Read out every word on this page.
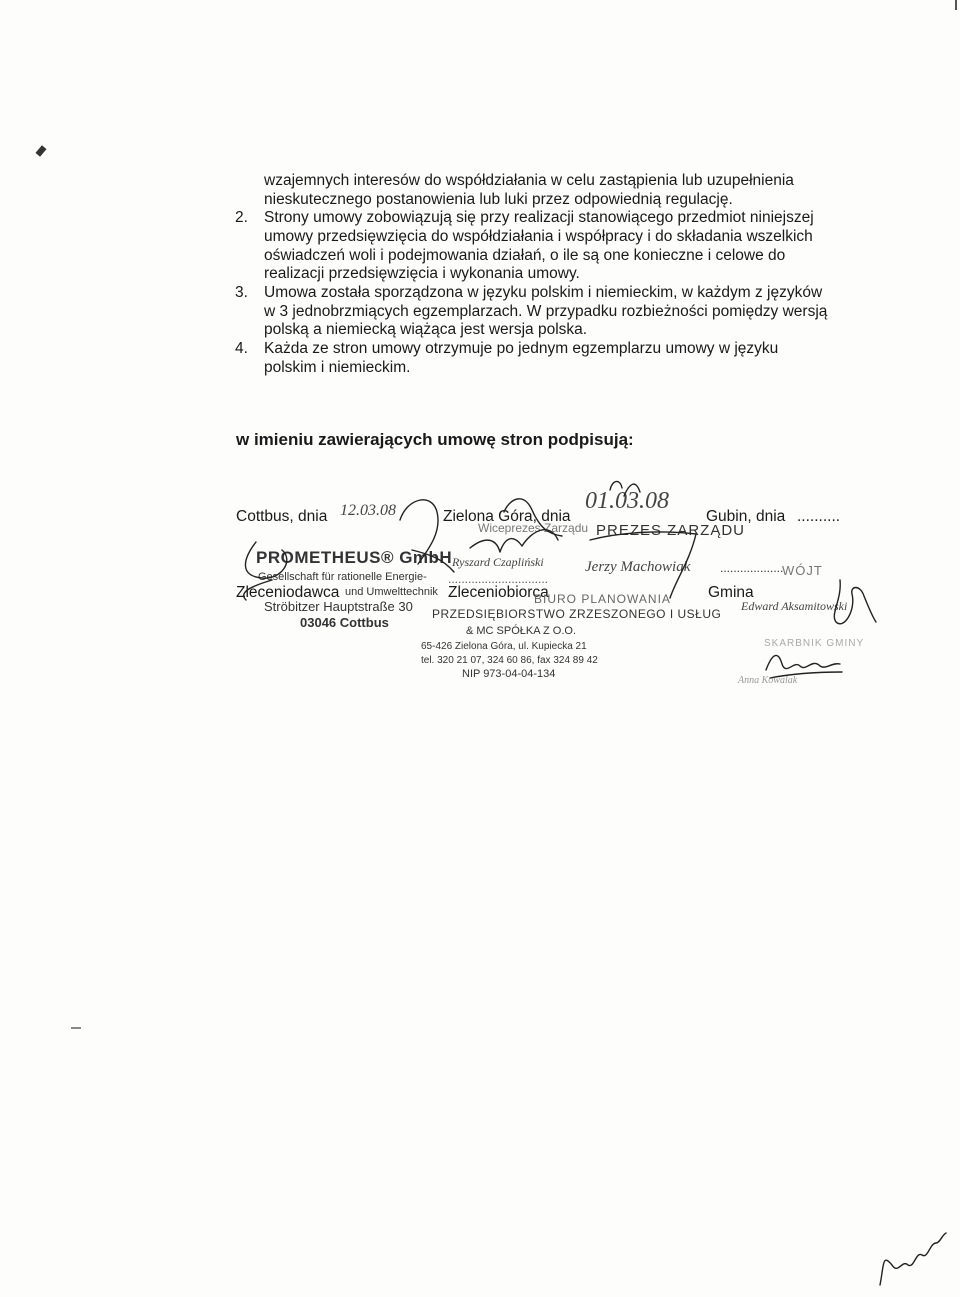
wzajemnych interesów do współdziałania w celu zastąpienia lub uzupełnienia
nieskutecznego postanowienia lub luki przez odpowiednią regulację.
2. Strony umowy zobowiązują się przy realizacji stanowiącego przedmiot niniejszej
umowy przedsięwzięcia do współdziałania i współpracy i do składania wszelkich
oświadczeń woli i podejmowania działań, o ile są one konieczne i celowe do
realizacji przedsięwzięcia i wykonania umowy.
3. Umowa została sporządzona w języku polskim i niemieckim, w każdym z języków
w 3 jednobrzmiących egzemplarzach. W przypadku rozbieżności pomiędzy wersją
polską a niemiecką wiążąca jest wersja polska.
4. Każda ze stron umowy otrzymuje po jednym egzemplarzu umowy w języku
polskim i niemieckim.
w imieniu zawierających umowę stron podpisują:
Cottbus, dnia 12.03.08	Zielona Góra, dnia
01.03.08
Gubin, dnia ..........
PROMETHEUS® GmbH
Gesellschaft für rationelle Energie-
Zleceniodawca und Umwelttechnik
Ströbitzer Hauptstraße 30
03046 Cottbus
Wiceprezes Zarządu PREZES ZARZĄDU
Ryszard Czapliński	Jerzy Machowiak
..............................
Zleceniobiorca
BIURO PLANOWANIA
PRZEDSIĘBIORSTWO ZRZESZONEGO I USŁUG
& MC SPÓŁKA Z O.O.
65-426 Zielona Góra, ul. Kupiecka 21
tel. 320 21 07, 324 60 86, fax 324 89 42
NIP 973-04-04-134
...................
WÓJT
Gmina
Edward Aksamitowski
SKARBNIK GMINY
Anna Kowalak
